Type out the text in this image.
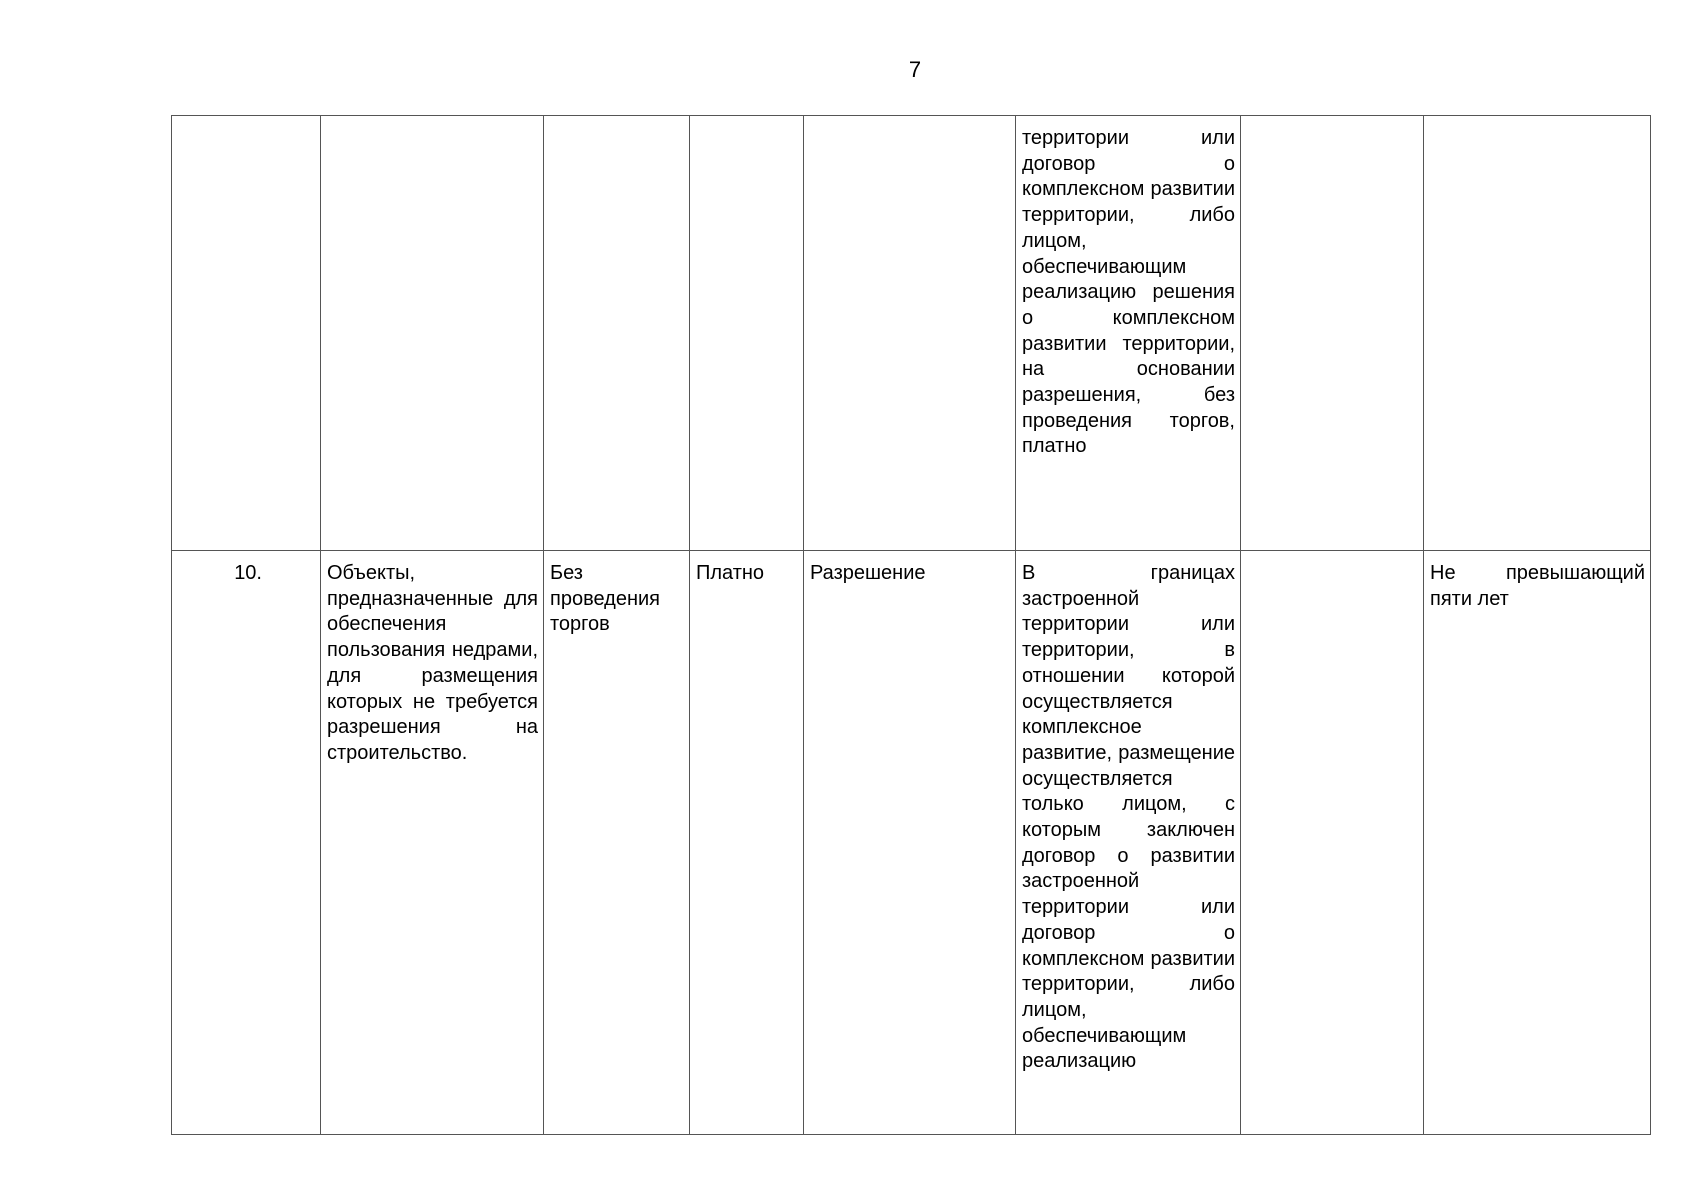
7
					территории или договор о комплексном развитии территории, либо лицом, обеспечивающим реализацию решения о комплексном развитии территории, на основании разрешения, без проведения торгов, платно		
10.	Объекты, предназначенные для обеспечения пользования недрами, для размещения которых не требуется разрешения на строительство.	Без проведения торгов	Платно	Разрешение	В границах застроенной территории или территории, в отношении которой осуществляется комплексное развитие, размещение осуществляется только лицом, с которым заключен договор о развитии застроенной территории или договор о комплексном развитии территории, либо лицом, обеспечивающим реализацию		Не превышающий пяти лет
